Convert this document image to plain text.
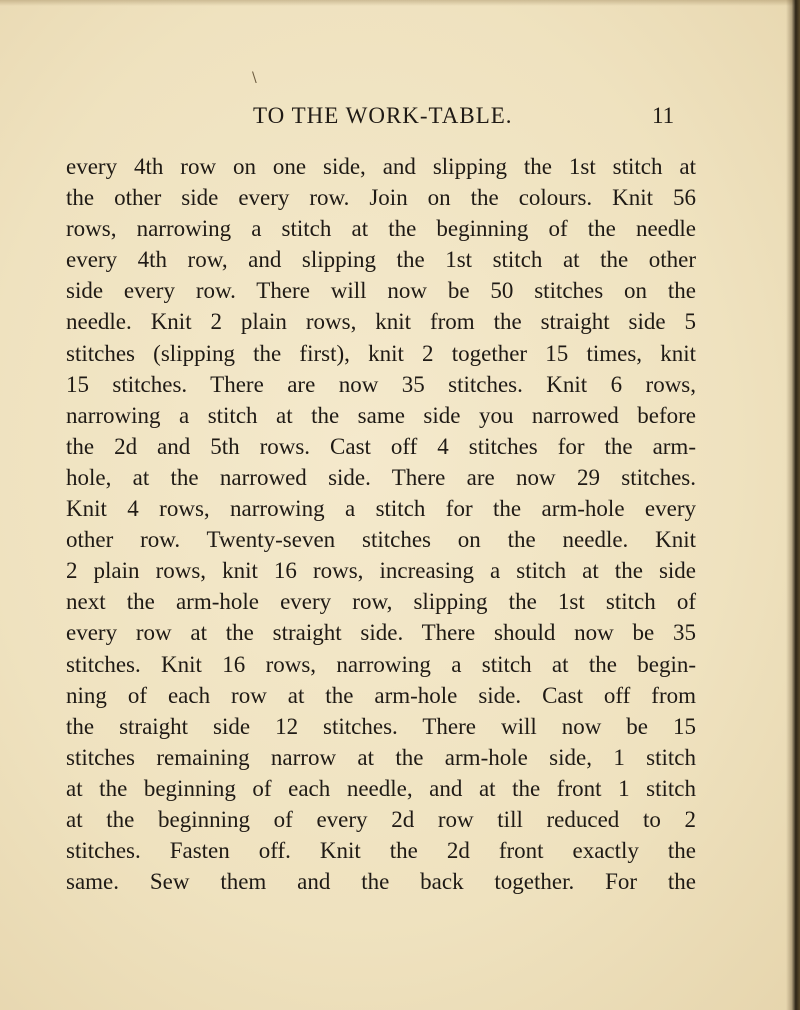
\
TO THE WORK-TABLE.	11
every 4th row on one side, and slipping the 1st stitch at
the other side every row. Join on the colours. Knit 56
rows, narrowing a stitch at the beginning of the needle
every 4th row, and slipping the 1st stitch at the other
side every row. There will now be 50 stitches on the
needle. Knit 2 plain rows, knit from the straight side 5
stitches (slipping the first), knit 2 together 15 times, knit
15 stitches. There are now 35 stitches. Knit 6 rows,
narrowing a stitch at the same side you narrowed before
the 2d and 5th rows. Cast off 4 stitches for the arm-
hole, at the narrowed side. There are now 29 stitches.
Knit 4 rows, narrowing a stitch for the arm-hole every
other row. Twenty-seven stitches on the needle. Knit
2 plain rows, knit 16 rows, increasing a stitch at the side
next the arm-hole every row, slipping the 1st stitch of
every row at the straight side. There should now be 35
stitches. Knit 16 rows, narrowing a stitch at the begin-
ning of each row at the arm-hole side. Cast off from
the straight side 12 stitches. There will now be 15
stitches remaining narrow at the arm-hole side, 1 stitch
at the beginning of each needle, and at the front 1 stitch
at the beginning of every 2d row till reduced to 2
stitches. Fasten off. Knit the 2d front exactly the
same. Sew them and the back together. For the
